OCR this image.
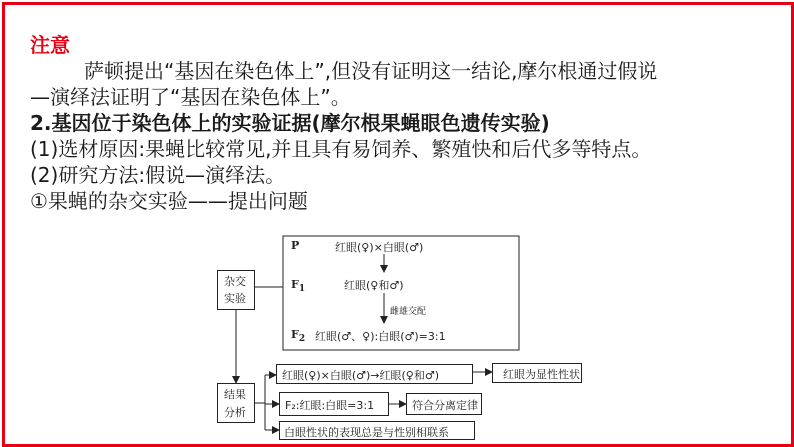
注意
萨顿提出“基因在染色体上”,但没有证明这一结论,摩尔根通过假说
—演绎法证明了“基因在染色体上”。
2.基因位于染色体上的实验证据(摩尔根果蝇眼色遗传实验)
(1)选材原因:果蝇比较常见,并且具有易饲养、繁殖快和后代多等特点。
(2)研究方法:假说—演绎法。
①果蝇的杂交实验——提出问题
杂交
实验
结果
分析
P	红眼(♀)×白眼(♂)
$F_1$	红眼(♀和♂)
雌雄交配
$F_2$ 红眼(♂、♀):白眼(♂)=3:1
红眼(♀)×白眼(♂)→红眼(♀和♂)	红眼为显性性状
F₂:红眼:白眼=3:1	符合分离定律
白眼性状的表现总是与性别相联系
